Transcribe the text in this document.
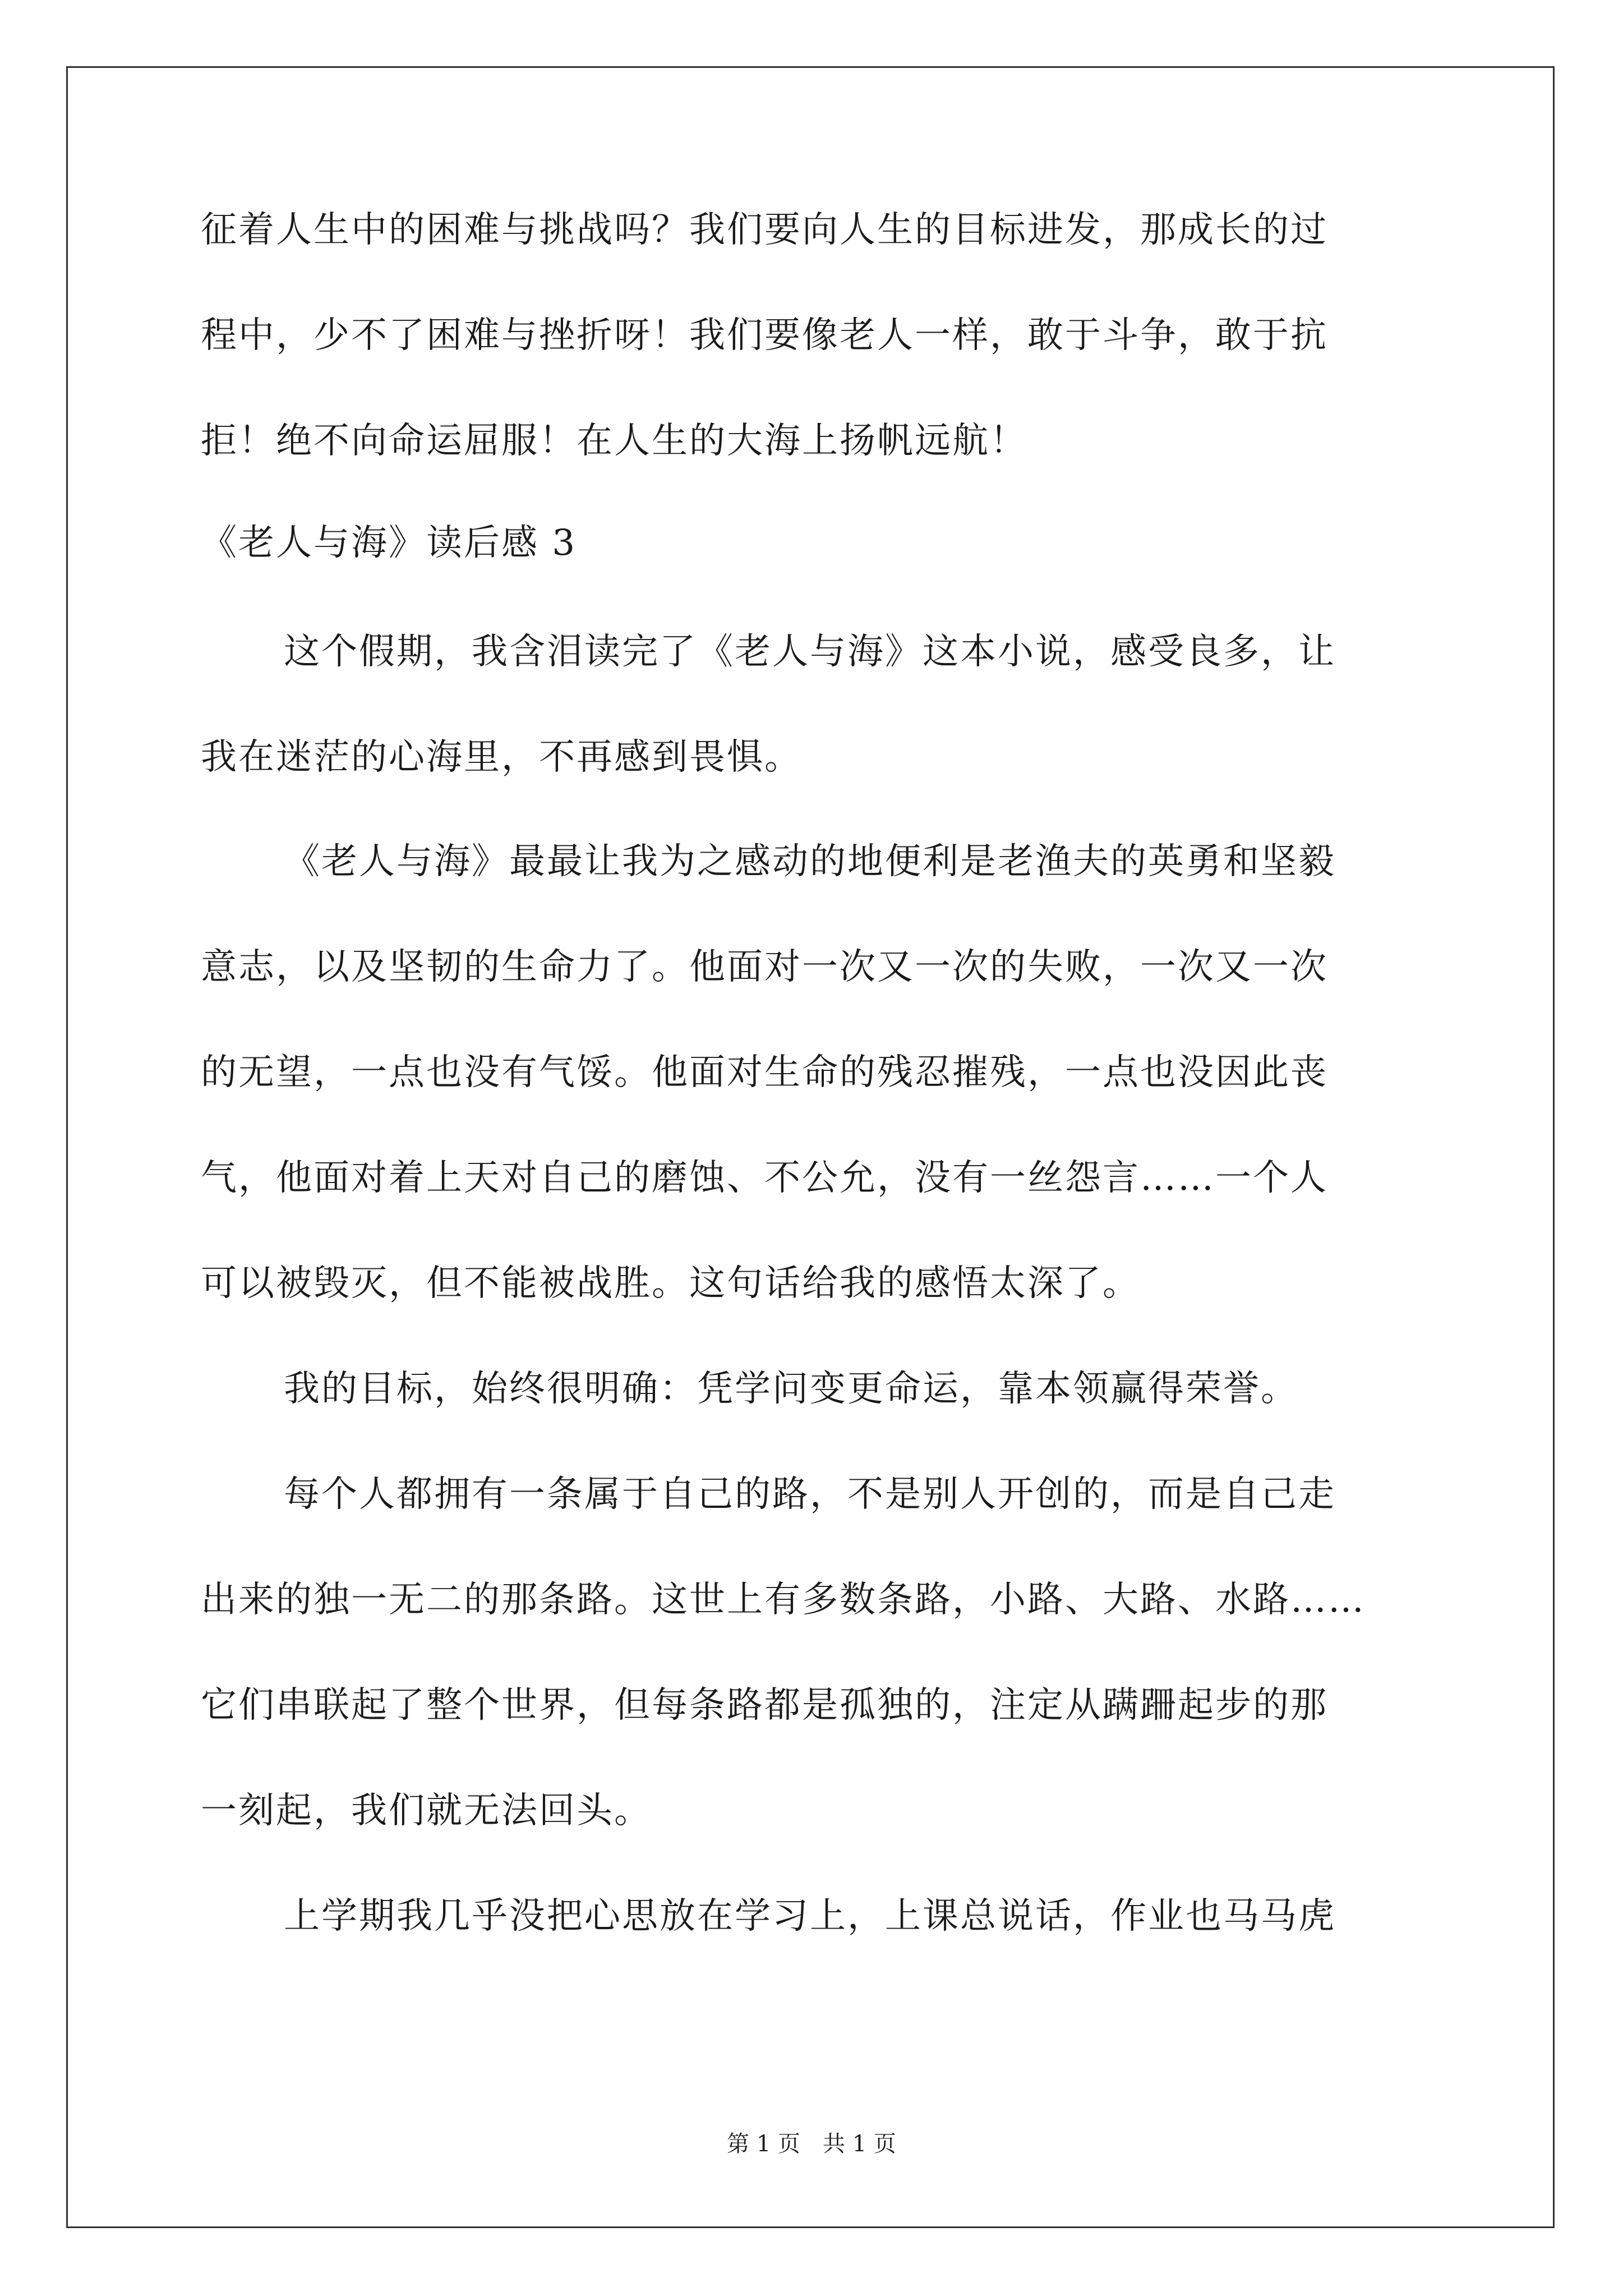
征着人生中的困难与挑战吗？我们要向人生的目标进发，那成长的过
程中，少不了困难与挫折呀！我们要像老人一样，敢于斗争，敢于抗
拒！绝不向命运屈服！在人生的大海上扬帆远航！
《老人与海》读后感 3
这个假期，我含泪读完了《老人与海》这本小说，感受良多，让
我在迷茫的心海里，不再感到畏惧。
《老人与海》最最让我为之感动的地便利是老渔夫的英勇和坚毅
意志，以及坚韧的生命力了。他面对一次又一次的失败，一次又一次
的无望，一点也没有气馁。他面对生命的残忍摧残，一点也没因此丧
气，他面对着上天对自己的磨蚀、不公允，没有一丝怨言……一个人
可以被毁灭，但不能被战胜。这句话给我的感悟太深了。
我的目标，始终很明确：凭学问变更命运，靠本领赢得荣誉。
每个人都拥有一条属于自己的路，不是别人开创的，而是自己走
出来的独一无二的那条路。这世上有多数条路，小路、大路、水路……
它们串联起了整个世界，但每条路都是孤独的，注定从蹒跚起步的那
一刻起，我们就无法回头。
上学期我几乎没把心思放在学习上，上课总说话，作业也马马虎
第 1 页　共 1 页
